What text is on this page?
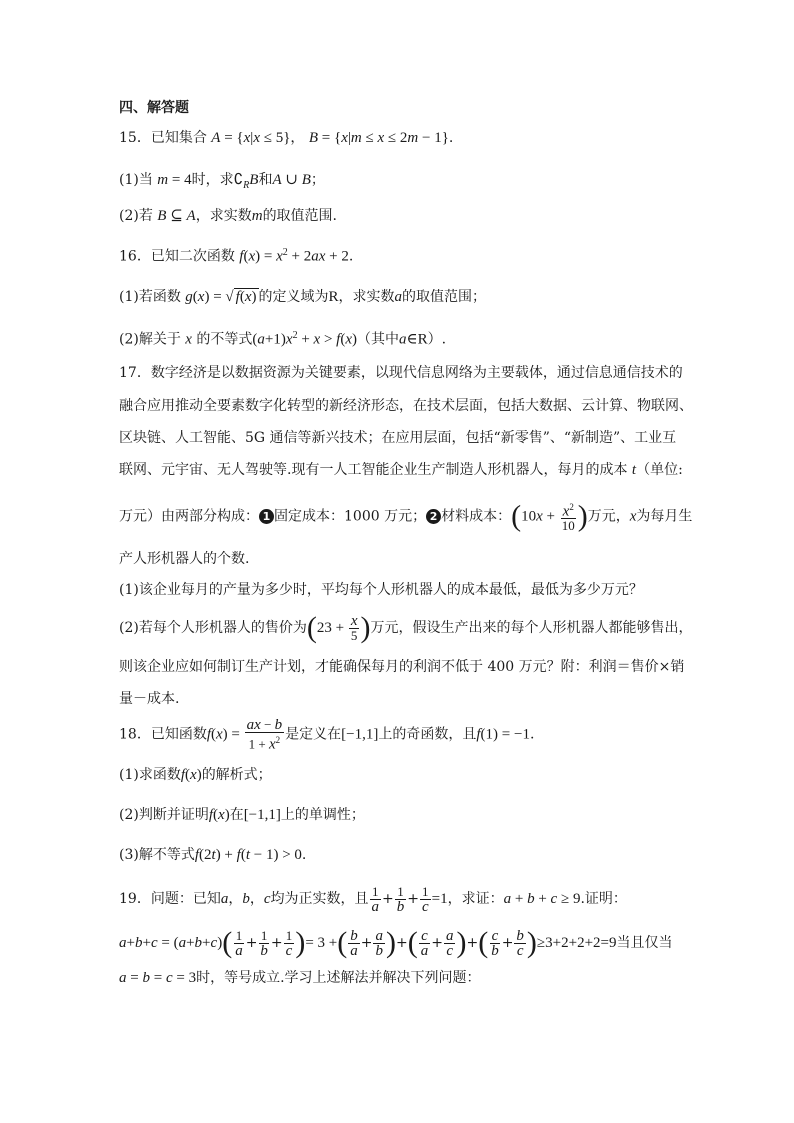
四、解答题
15．已知集合 A = {x|x ≤ 5}， B = {x|m ≤ x ≤ 2m − 1}.
(1)当 m = 4时，求$∁_RB$和A ∪ B；
(2)若 B ⊆ A，求实数m的取值范围.
16．已知二次函数 $f(x) = x^2 + 2ax + 2$.
(1)若函数 g(x) = √ f(x) 的定义域为R，求实数a的取值范围；
(2)解关于 x 的不等式$(a+1)x^2 + x > f(x)$（其中a∈R）.
17．数字经济是以数据资源为关键要素，以现代信息网络为主要载体，通过信息通信技术的
融合应用推动全要素数字化转型的新经济形态，在技术层面，包括大数据、云计算、物联网、
区块链、人工智能、5G 通信等新兴技术；在应用层面，包括“新零售”、“新制造”、工业互
联网、元宇宙、无人驾驶等.现有一人工智能企业生产制造人形机器人，每月的成本 t（单位:
万元）由两部分构成： 1 固定成本：1000 万元； 2 材料成本：($10x + \frac{x^2}{10}$ )万元，x为每月生
产人形机器人的个数.
(1)该企业每月的产量为多少时，平均每个人形机器人的成本最低，最低为多少万元？
(2)若每个人形机器人的售价为($23 + \frac{x}{5}$ )万元，假设生产出来的每个人形机器人都能够售出，
则该企业应如何制订生产计划，才能确保每月的利润不低于 400 万元？附：利润＝售价×销
量－成本.
18．已知函数$f(x) = \frac{ax - b}{1 + x^2}$ 是定义在[−1,1]上的奇函数，且f(1) = −1.
(1)求函数f(x)的解析式；
(2)判断并证明f(x)在[−1,1]上的单调性；
(3)解不等式f(2t) + f(t − 1) > 0.
19．问题：已知a，b，c均为正实数，且 $\frac{1}{a} + \frac{1}{b} + \frac{1}{c} =1$，求证：a + b + c ≥ 9.证明：
$a+b+c = (a+b+c)( \frac{1}{a} + \frac{1}{b} + \frac{1}{c}$ )= 3 +( $\frac{b}{a} + \frac{a}{b}$ )+( $\frac{c}{a} + \frac{a}{c}$ )+( $\frac{c}{b} + \frac{b}{c} )\ge 3+2+2+2=9$当且仅当
a = b = c = 3时，等号成立.学习上述解法并解决下列问题：
